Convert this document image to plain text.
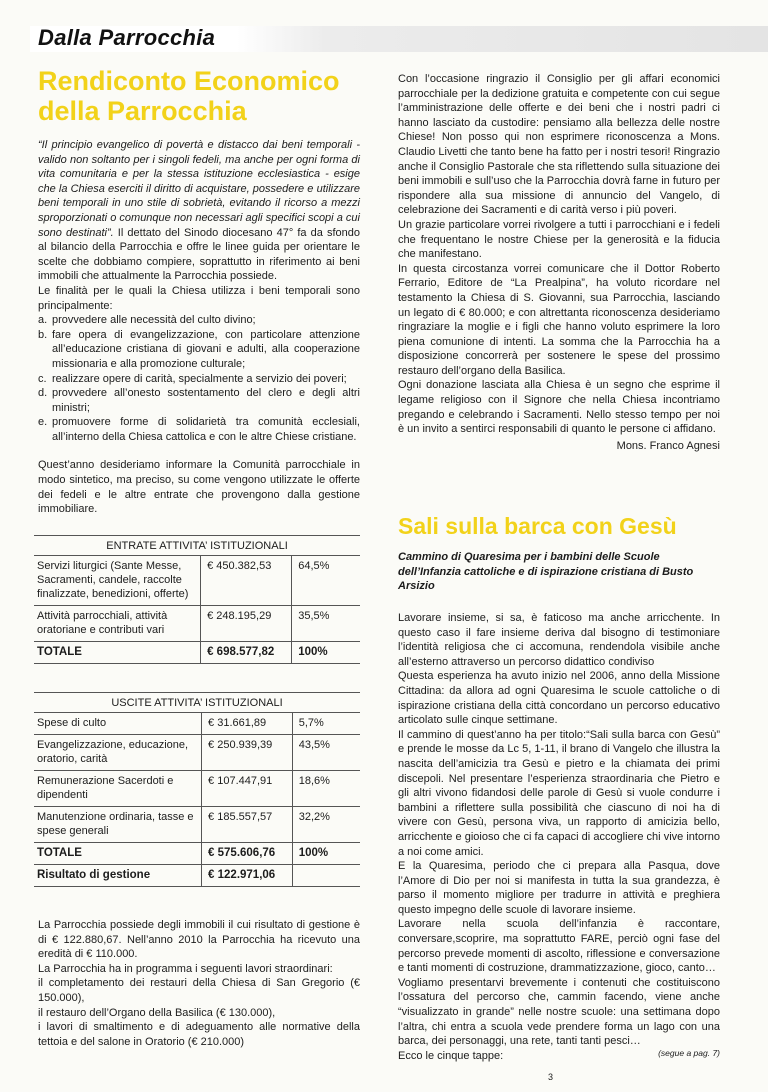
Dalla Parrocchia
Rendiconto Economico
della Parrocchia

“Il principio evangelico di povertà e distacco dai beni temporali - valido non soltanto per i singoli fedeli, ma anche per ogni forma di vita comunitaria e per la stessa istituzione ecclesiastica - esige che la Chiesa eserciti il diritto di acquistare, possedere e utilizzare beni temporali in uno stile di sobrietà, evitando il ricorso a mezzi sproporzionati o comunque non necessari agli specifici scopi a cui sono destinati”. Il dettato del Sinodo diocesano 47° fa da sfondo al bilancio della Parrocchia e offre le linee guida per orientare le scelte che dobbiamo compiere, soprattutto in riferimento ai beni immobili che attualmente la Parrocchia possiede.

Le finalità per le quali la Chiesa utilizza i beni temporali sono principalmente:

a. provvedere alle necessità del culto divino;
b. fare opera di evangelizzazione, con particolare attenzione all’educazione cristiana di giovani e adulti, alla cooperazione missionaria e alla promozione culturale;
c. realizzare opere di carità, specialmente a servizio dei poveri;
d. provvedere all’onesto sostentamento del clero e degli altri ministri;
e. promuovere forme di solidarietà tra comunità ecclesiali, all’interno della Chiesa cattolica e con le altre Chiese cristiane.

Quest’anno desideriamo informare la Comunità parrocchiale in modo sintetico, ma preciso, su come vengono utilizzate le offerte dei fedeli e le altre entrate che provengono dalla gestione immobiliare.

ENTRATE ATTIVITA’ ISTITUZIONALI		
Servizi liturgici (Sante Messe, Sacramenti, candele, raccolte finalizzate, benedizioni, offerte)	€ 450.382,53	64,5%
Attività parrocchiali, attività oratoriane e contributi vari	€ 248.195,29	35,5%
TOTALE	€ 698.577,82	100%
USCITE ATTIVITA’ ISTITUZIONALI		
Spese di culto	€ 31.661,89	5,7%
Evangelizzazione, educazione, oratorio, carità	€ 250.939,39	43,5%
Remunerazione Sacerdoti e dipendenti	€ 107.447,91	18,6%
Manutenzione ordinaria, tasse e spese generali	€ 185.557,57	32,2%
TOTALE	€ 575.606,76	100%
Risultato di gestione	€ 122.971,06	

La Parrocchia possiede degli immobili il cui risultato di gestione è di € 122.880,67. Nell’anno 2010 la Parrocchia ha ricevuto una eredità di € 110.000.

La Parrocchia ha in programma i seguenti lavori straordinari:

il completamento dei restauri della Chiesa di San Gregorio (€ 150.000),

il restauro dell’Organo della Basilica (€ 130.000),

i lavori di smaltimento e di adeguamento alle normative della tettoia e del salone in Oratorio (€ 210.000)

Con l’occasione ringrazio il Consiglio per gli affari economici parrocchiale per la dedizione gratuita e competente con cui segue l’amministrazione delle offerte e dei beni che i nostri padri ci hanno lasciato da custodire: pensiamo alla bellezza delle nostre Chiese! Non posso qui non esprimere riconoscenza a Mons. Claudio Livetti che tanto bene ha fatto per i nostri tesori! Ringrazio anche il Consiglio Pastorale che sta riflettendo sulla situazione dei beni immobili e sull’uso che la Parrocchia dovrà farne in futuro per rispondere alla sua missione di annuncio del Vangelo, di celebrazione dei Sacramenti e di carità verso i più poveri.

Un grazie particolare vorrei rivolgere a tutti i parrocchiani e i fedeli che frequentano le nostre Chiese per la generosità e la fiducia che manifestano.

In questa circostanza vorrei comunicare che il Dottor Roberto Ferrario, Editore de “La Prealpina”, ha voluto ricordare nel testamento la Chiesa di S. Giovanni, sua Parrocchia, lasciando un legato di € 80.000; e con altrettanta riconoscenza desideriamo ringraziare la moglie e i figli che hanno voluto esprimere la loro piena comunione di intenti. La somma che la Parrocchia ha a disposizione concorrerà per sostenere le spese del prossimo restauro dell’organo della Basilica.

Ogni donazione lasciata alla Chiesa è un segno che esprime il legame religioso con il Signore che nella Chiesa incontriamo pregando e celebrando i Sacramenti. Nello stesso tempo per noi è un invito a sentirci responsabili di quanto le persone ci affidano.

Mons. Franco Agnesi

Sali sulla barca con Gesù
Cammino di Quaresima per i bambini delle Scuole dell’Infanzia cattoliche e di ispirazione cristiana di Busto Arsizio

Lavorare insieme, si sa, è faticoso ma anche arricchente. In questo caso il fare insieme deriva dal bisogno di testimoniare l’identità religiosa che ci accomuna, rendendola visibile anche all’esterno attraverso un percorso didattico condiviso

Questa esperienza ha avuto inizio nel 2006, anno della Missione Cittadina: da allora ad ogni Quaresima le scuole cattoliche o di ispirazione cristiana della città concordano un percorso educativo articolato sulle cinque settimane.

Il cammino di quest’anno ha per titolo:“Sali sulla barca con Gesù” e prende le mosse da Lc 5, 1-11, il brano di Vangelo che illustra la nascita dell’amicizia tra Gesù e pietro e la chiamata dei primi discepoli. Nel presentare l’esperienza straordinaria che Pietro e gli altri vivono fidandosi delle parole di Gesù si vuole condurre i bambini a riflettere sulla possibilità che ciascuno di noi ha di vivere con Gesù, persona viva, un rapporto di amicizia bello, arricchente e gioioso che ci fa capaci di accogliere chi vive intorno a noi come amici.

E la Quaresima, periodo che ci prepara alla Pasqua, dove l’Amore di Dio per noi si manifesta in tutta la sua grandezza, è parso il momento migliore per tradurre in attività e preghiera questo impegno delle scuole di lavorare insieme.

Lavorare nella scuola dell’infanzia è raccontare, conversare,scoprire, ma soprattutto FARE, perciò ogni fase del percorso prevede momenti di ascolto, riflessione e conversazione e tanti momenti di costruzione, drammatizzazione, gioco, canto…

Vogliamo presentarvi brevemente i contenuti che costituiscono l’ossatura del percorso che, cammin facendo, viene anche “visualizzato in grande” nelle nostre scuole: una settimana dopo l’altra, chi entra a scuola vede prendere forma un lago con una barca, dei personaggi, una rete, tanti tanti pesci…

Ecco le cinque tappe:	(segue a pag. 7)
3
